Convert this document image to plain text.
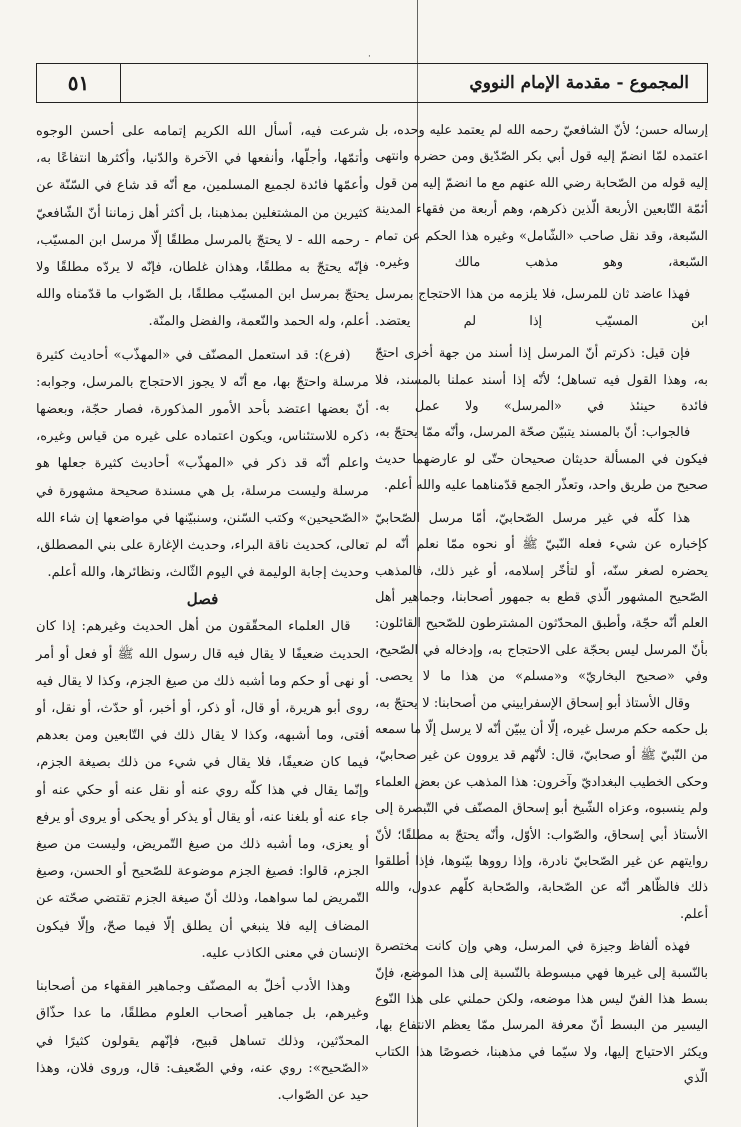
·
٥١	المجموع - مقدمة الإمام النووي

إرساله حسن؛ لأنّ الشافعيّ رحمه الله لم يعتمد عليه وحده، بل اعتمده لمّا انضمّ إليه قول أبي بكر الصّدّيق ومن حضره وانتهى إليه قوله من الصّحابة رضي الله عنهم مع ما انضمّ إليه من قول أئمّة التّابعين الأربعة الّذين ذكرهم، وهم أربعة من فقهاء المدينة السّبعة، وقد نقل صاحب «الشّامل» وغيره هذا الحكم عن تمام السّبعة، وهو مذهب مالك وغيره.

فهذا عاضد ثان للمرسل، فلا يلزمه من هذا الاحتجاج بمرسل ابن المسيّب إذا لم يعتضد.

فإن قيل: ذكرتم أنّ المرسل إذا أسند من جهة أخرى احتجّ به، وهذا القول فيه تساهل؛ لأنّه إذا أسند عملنا بالمسند، فلا فائدة حينئذ في «المرسل» ولا عمل به.

فالجواب: أنّ بالمسند يتبيّن صحّة المرسل، وأنّه ممّا يحتجّ به، فيكون في المسألة حديثان صحيحان حتّى لو عارضهما حديث صحيح من طريق واحد، وتعذّر الجمع قدّمناهما عليه والله أعلم.

هذا كلّه في غير مرسل الصّحابيّ، أمّا مرسل الصّحابيّ كإخباره عن شيء فعله النّبيّ ﷺ أو نحوه ممّا نعلم أنّه لم يحضره لصغر سنّه، أو لتأخّر إسلامه، أو غير ذلك، فالمذهب الصّحيح المشهور الّذي قطع به جمهور أصحابنا، وجماهير أهل العلم أنّه حجّة، وأطبق المحدّثون المشترطون للصّحيح القائلون: بأنّ المرسل ليس بحجّة على الاحتجاج به، وإدخاله في الصّحيح، وفي «صحيح البخاريّ» و«مسلم» من هذا ما لا يحصى.

وقال الأستاذ أبو إسحاق الإسفراييني من أصحابنا: لا يحتجّ به، بل حكمه حكم مرسل غيره، إلّا أن يبيّن أنّه لا يرسل إلّا ما سمعه من النّبيّ ﷺ أو صحابيّ، قال: لأنّهم قد يروون عن غير صحابيّ، وحكى الخطيب البغداديّ وآخرون: هذا المذهب عن بعض العلماء ولم ينسبوه، وعزاه الشّيخ أبو إسحاق المصنّف في التّبصرة إلى الأستاذ أبي إسحاق، والصّواب: الأوّل، وأنّه يحتجّ به مطلقًا؛ لأنّ روايتهم عن غير الصّحابيّ نادرة، وإذا رووها بيّنوها، فإذا أطلقوا ذلك فالظّاهر أنّه عن الصّحابة، والصّحابة كلّهم عدول، والله أعلم.

فهذه ألفاظ وجيزة في المرسل، وهي وإن كانت مختصرة بالنّسبة إلى غيرها فهي مبسوطة بالنّسبة إلى هذا الموضع، فإنّ بسط هذا الفنّ ليس هذا موضعه، ولكن حملني على هذا النّوع اليسير من البسط أنّ معرفة المرسل ممّا يعظم الانتفاع بها، ويكثر الاحتياج إليها، ولا سيّما في مذهبنا، خصوصًا هذا الكتاب الّذي

شرعت فيه، أسأل الله الكريم إتمامه على أحسن الوجوه وأتمّها، وأجلّها، وأنفعها في الآخرة والدّنيا، وأكثرها انتفاعًا به، وأعمّها فائدة لجميع المسلمين، مع أنّه قد شاع في السّنّة عن كثيرين من المشتغلين بمذهبنا، بل أكثر أهل زماننا أنّ الشّافعيّ - رحمه الله - لا يحتجّ بالمرسل مطلقًا إلّا مرسل ابن المسيّب، فإنّه يحتجّ به مطلقًا، وهذان غلطان، فإنّه لا يردّه مطلقًا ولا يحتجّ بمرسل ابن المسيّب مطلقًا، بل الصّواب ما قدّمناه والله أعلم، وله الحمد والنّعمة، والفضل والمنّة.

(فرع): قد استعمل المصنّف في «المهذّب» أحاديث كثيرة مرسلة واحتجّ بها، مع أنّه لا يجوز الاحتجاج بالمرسل، وجوابه: أنّ بعضها اعتضد بأحد الأمور المذكورة، فصار حجّة، وبعضها ذكره للاستئناس، ويكون اعتماده على غيره من قياس وغيره، واعلم أنّه قد ذكر في «المهذّب» أحاديث كثيرة جعلها هو مرسلة وليست مرسلة، بل هي مسندة صحيحة مشهورة في «الصّحيحين» وكتب السّنن، وسنبيّنها في مواضعها إن شاء الله تعالى، كحديث ناقة البراء، وحديث الإغارة على بني المصطلق، وحديث إجابة الوليمة في اليوم الثّالث، ونظائرها، والله أعلم.

فصل

قال العلماء المحقّقون من أهل الحديث وغيرهم: إذا كان الحديث ضعيفًا لا يقال فيه قال رسول الله ﷺ أو فعل أو أمر أو نهى أو حكم وما أشبه ذلك من صيغ الجزم، وكذا لا يقال فيه روى أبو هريرة، أو قال، أو ذكر، أو أخبر، أو حدّث، أو نقل، أو أفتى، وما أشبهه، وكذا لا يقال ذلك في التّابعين ومن بعدهم فيما كان ضعيفًا، فلا يقال في شيء من ذلك بصيغة الجزم، وإنّما يقال في هذا كلّه روي عنه أو نقل عنه أو حكي عنه أو جاء عنه أو بلغنا عنه، أو يقال أو يذكر أو يحكى أو يروى أو يرفع أو يعزى، وما أشبه ذلك من صيغ التّمريض، وليست من صيغ الجزم، قالوا: فصيغ الجزم موضوعة للصّحيح أو الحسن، وصيغ التّمريض لما سواهما، وذلك أنّ صيغة الجزم تقتضي صحّته عن المضاف إليه فلا ينبغي أن يطلق إلّا فيما صحّ، وإلّا فيكون الإنسان في معنى الكاذب عليه.

وهذا الأدب أخلّ به المصنّف وجماهير الفقهاء من أصحابنا وغيرهم، بل جماهير أصحاب العلوم مطلقًا، ما عدا حذّاق المحدّثين، وذلك تساهل قبيح، فإنّهم يقولون كثيرًا في «الصّحيح»: روي عنه، وفي الضّعيف: قال، وروى فلان، وهذا حيد عن الصّواب.
